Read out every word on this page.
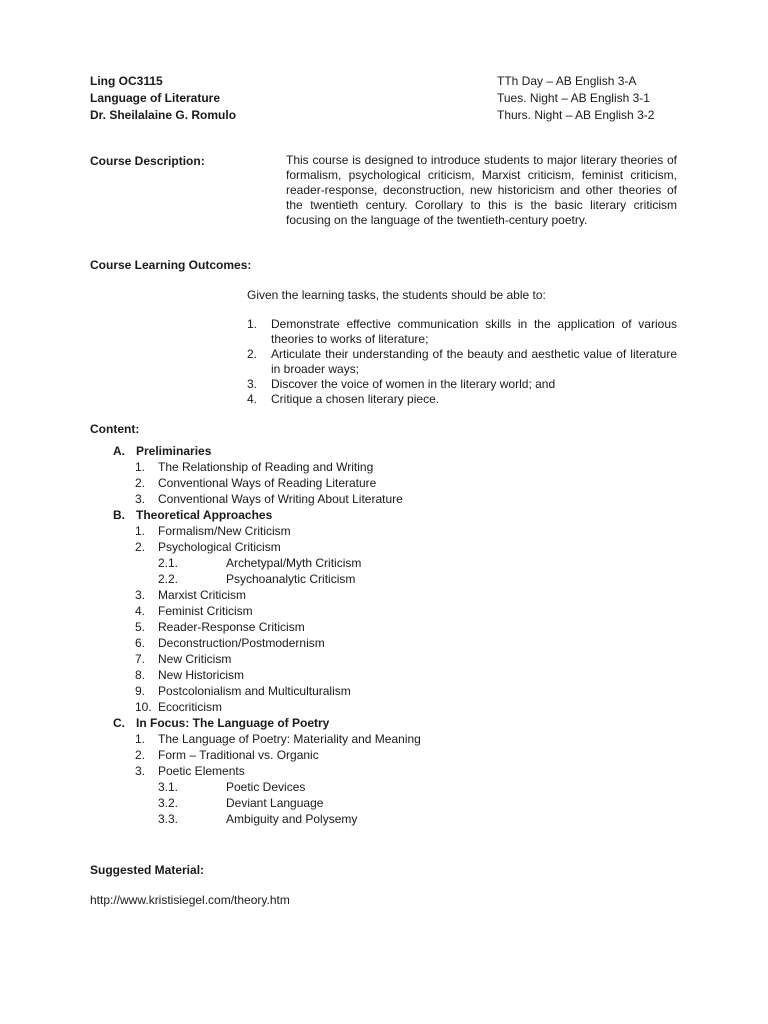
Ling OC3115
Language of Literature
Dr. Sheilalaine G. Romulo
TTh Day – AB English 3-A
Tues. Night – AB English 3-1
Thurs. Night – AB English 3-2
Course Description:	This course is designed to introduce students to major literary theories of formalism, psychological criticism, Marxist criticism, feminist criticism, reader-response, deconstruction, new historicism and other theories of the twentieth century. Corollary to this is the basic literary criticism focusing on the language of the twentieth-century poetry.
Course Learning Outcomes:
Given the learning tasks, the students should be able to:
1. Demonstrate effective communication skills in the application of various theories to works of literature;
2. Articulate their understanding of the beauty and aesthetic value of literature in broader ways;
3. Discover the voice of women in the literary world; and
4. Critique a chosen literary piece.
Content:
A. Preliminaries
1. The Relationship of Reading and Writing
2. Conventional Ways of Reading Literature
3. Conventional Ways of Writing About Literature
B. Theoretical Approaches
1. Formalism/New Criticism
2. Psychological Criticism
2.1.	Archetypal/Myth Criticism
2.2.	Psychoanalytic Criticism
3. Marxist Criticism
4. Feminist Criticism
5. Reader-Response Criticism
6. Deconstruction/Postmodernism
7. New Criticism
8. New Historicism
9. Postcolonialism and Multiculturalism
10. Ecocriticism
C. In Focus: The Language of Poetry
1. The Language of Poetry: Materiality and Meaning
2. Form – Traditional vs. Organic
3. Poetic Elements
3.1.	Poetic Devices
3.2.	Deviant Language
3.3.	Ambiguity and Polysemy
Suggested Material:
http://www.kristisiegel.com/theory.htm
